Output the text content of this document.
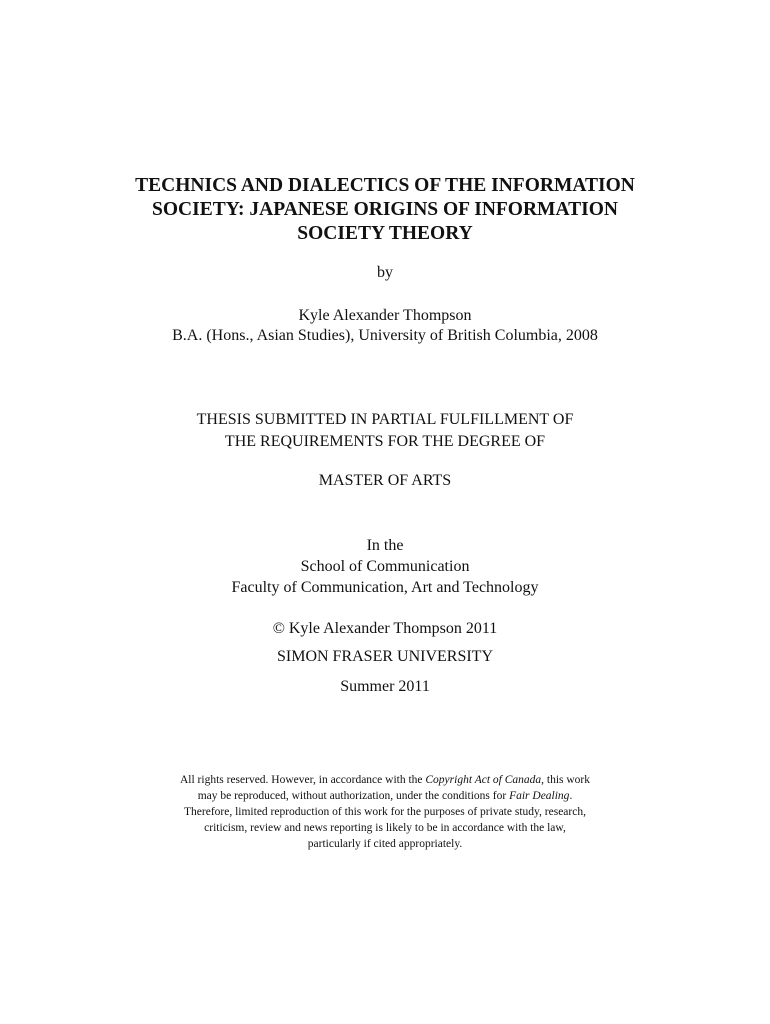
TECHNICS AND DIALECTICS OF THE INFORMATION
SOCIETY: JAPANESE ORIGINS OF INFORMATION
SOCIETY THEORY
by
Kyle Alexander Thompson
B.A. (Hons., Asian Studies), University of British Columbia, 2008
THESIS SUBMITTED IN PARTIAL FULFILLMENT OF
THE REQUIREMENTS FOR THE DEGREE OF
MASTER OF ARTS
In the
School of Communication
Faculty of Communication, Art and Technology
© Kyle Alexander Thompson 2011
SIMON FRASER UNIVERSITY
Summer 2011
All rights reserved. However, in accordance with the Copyright Act of Canada, this work
may be reproduced, without authorization, under the conditions for Fair Dealing.
Therefore, limited reproduction of this work for the purposes of private study, research,
criticism, review and news reporting is likely to be in accordance with the law,
particularly if cited appropriately.
